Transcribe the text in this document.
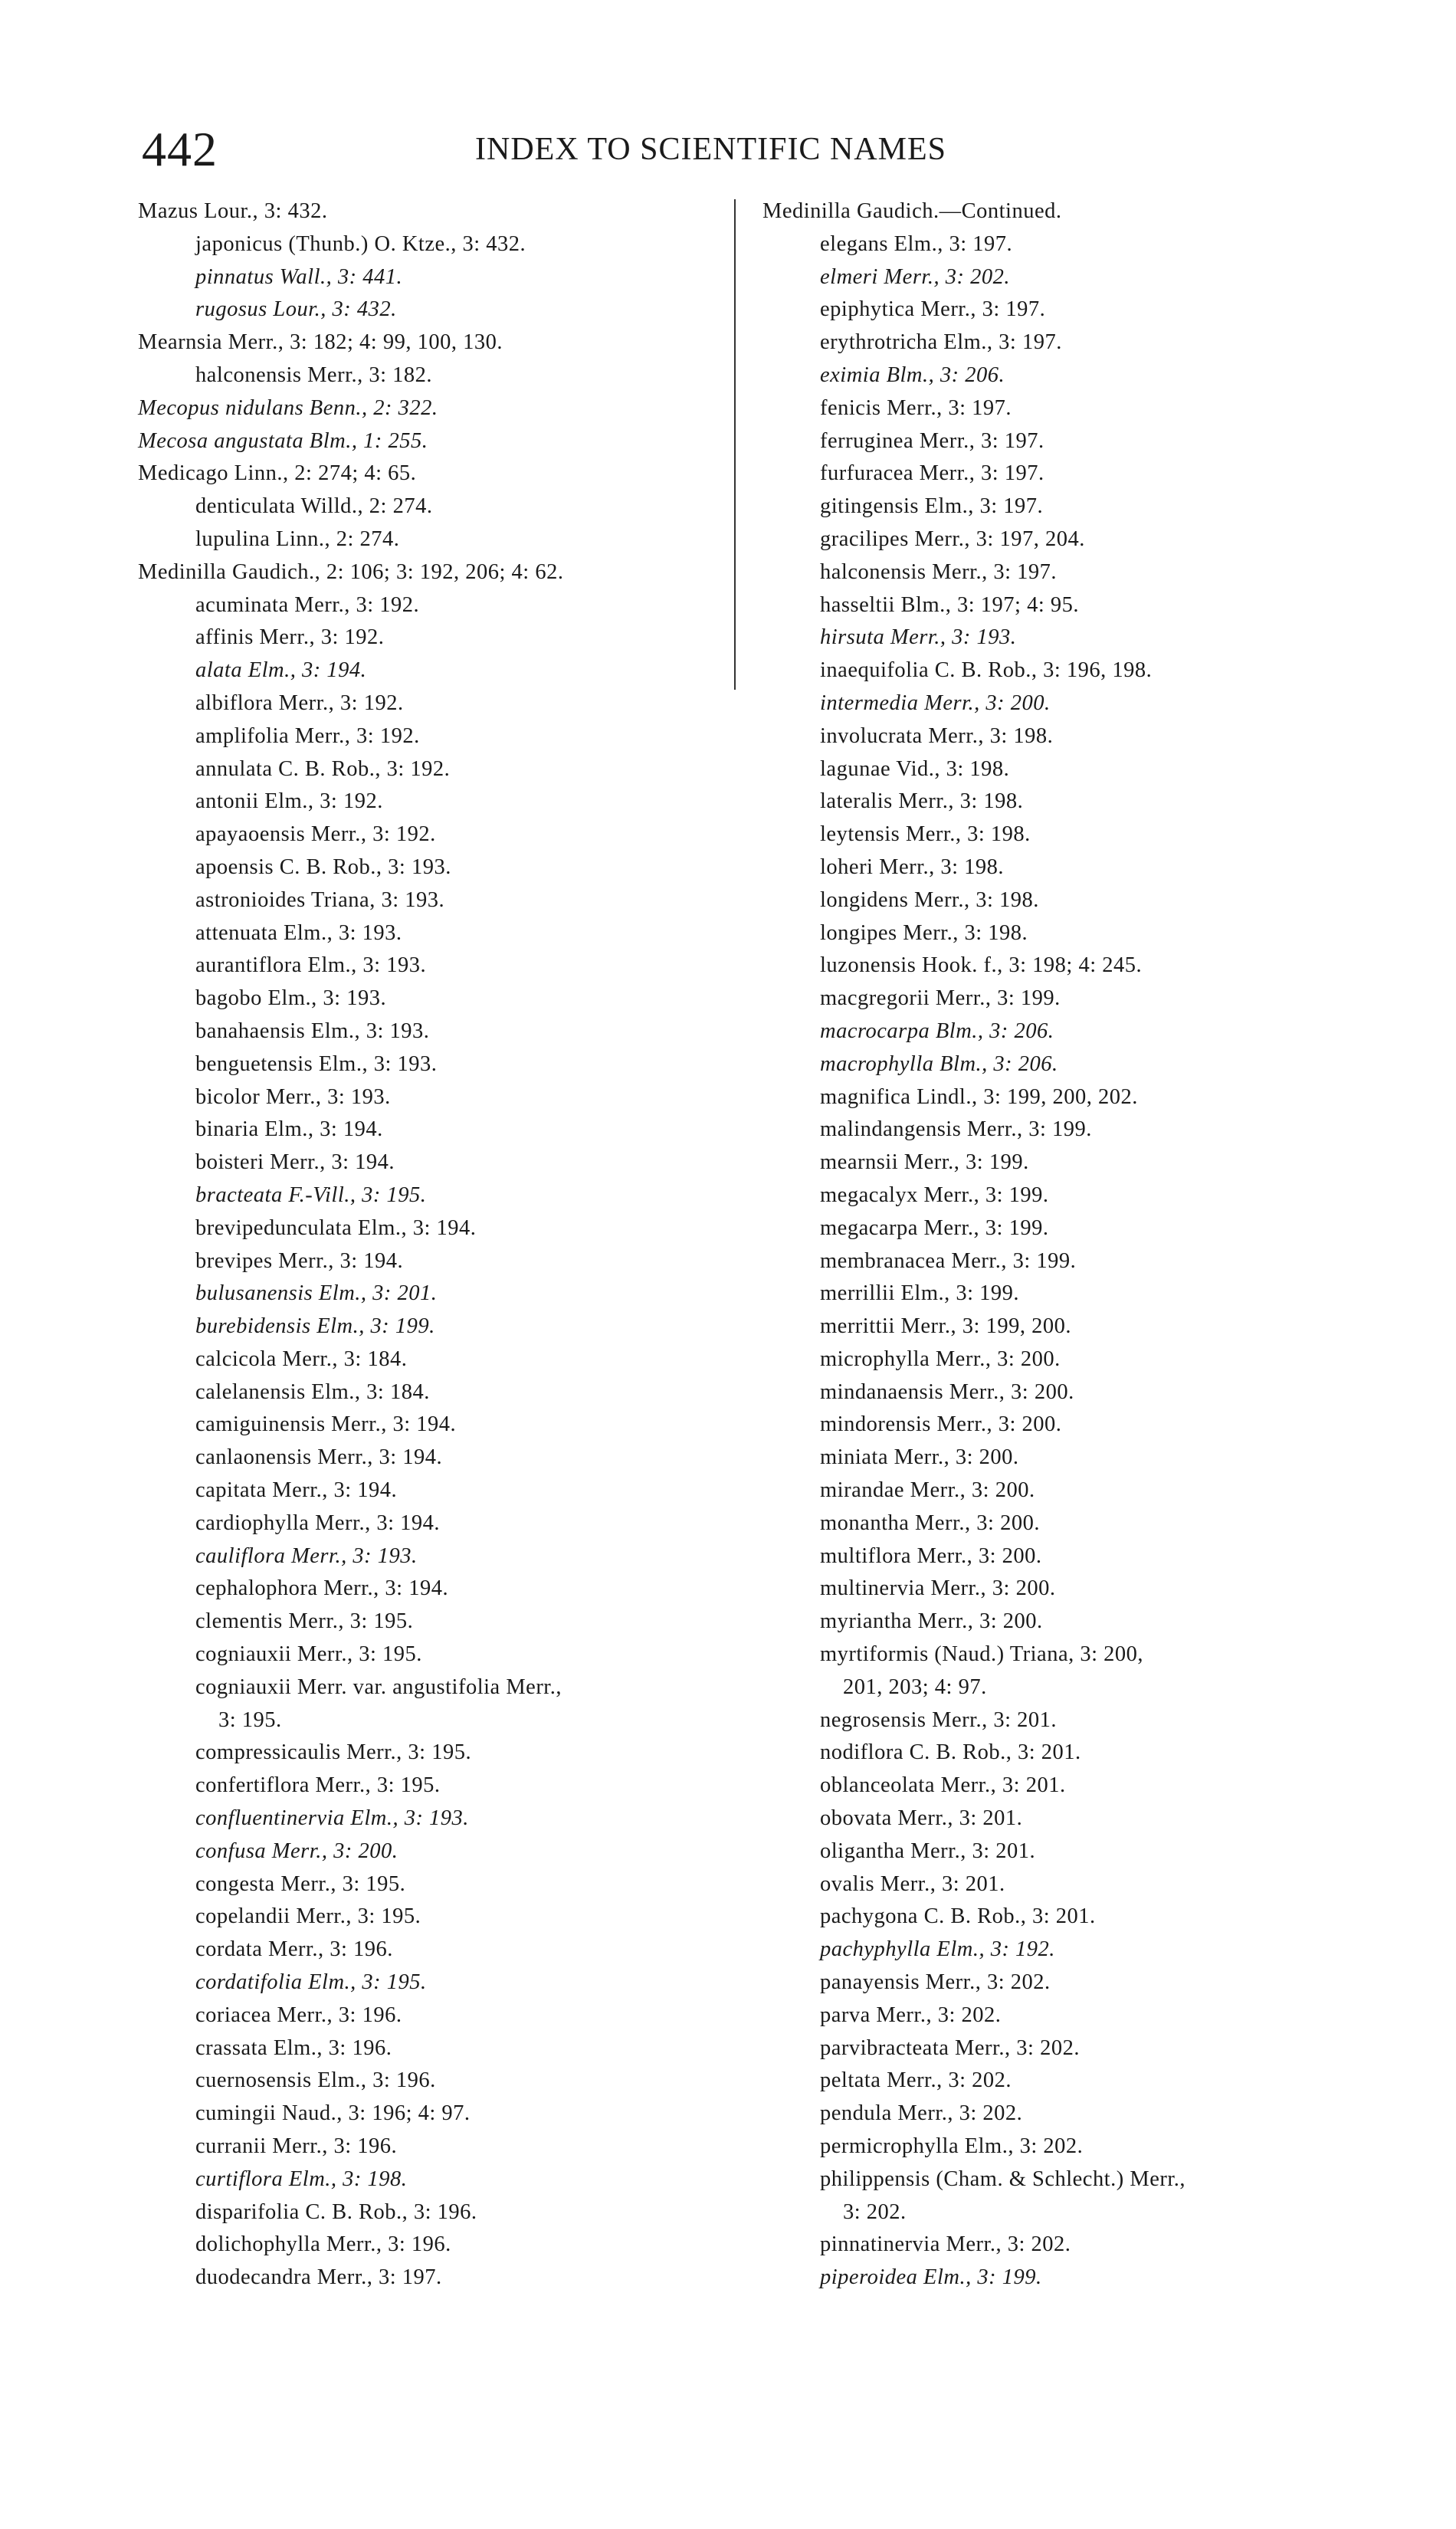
442	INDEX TO SCIENTIFIC NAMES
Mazus Lour., 3: 432.
japonicus (Thunb.) O. Ktze., 3: 432.
pinnatus Wall., 3: 441.
rugosus Lour., 3: 432.
Mearnsia Merr., 3: 182; 4: 99, 100, 130.
halconensis Merr., 3: 182.
Mecopus nidulans Benn., 2: 322.
Mecosa angustata Blm., 1: 255.
Medicago Linn., 2: 274; 4: 65.
denticulata Willd., 2: 274.
lupulina Linn., 2: 274.
Medinilla Gaudich., 2: 106; 3: 192, 206; 4: 62.
acuminata Merr., 3: 192.
affinis Merr., 3: 192.
alata Elm., 3: 194.
albiflora Merr., 3: 192.
amplifolia Merr., 3: 192.
annulata C. B. Rob., 3: 192.
antonii Elm., 3: 192.
apayaoensis Merr., 3: 192.
apoensis C. B. Rob., 3: 193.
astronioides Triana, 3: 193.
attenuata Elm., 3: 193.
aurantiflora Elm., 3: 193.
bagobo Elm., 3: 193.
banahaensis Elm., 3: 193.
benguetensis Elm., 3: 193.
bicolor Merr., 3: 193.
binaria Elm., 3: 194.
boisteri Merr., 3: 194.
bracteata F.-Vill., 3: 195.
brevipedunculata Elm., 3: 194.
brevipes Merr., 3: 194.
bulusanensis Elm., 3: 201.
burebidensis Elm., 3: 199.
calcicola Merr., 3: 184.
calelanensis Elm., 3: 184.
camiguinensis Merr., 3: 194.
canlaonensis Merr., 3: 194.
capitata Merr., 3: 194.
cardiophylla Merr., 3: 194.
cauliflora Merr., 3: 193.
cephalophora Merr., 3: 194.
clementis Merr., 3: 195.
cogniauxii Merr., 3: 195.
cogniauxii Merr. var. angustifolia Merr.,
3: 195.
compressicaulis Merr., 3: 195.
confertiflora Merr., 3: 195.
confluentinervia Elm., 3: 193.
confusa Merr., 3: 200.
congesta Merr., 3: 195.
copelandii Merr., 3: 195.
cordata Merr., 3: 196.
cordatifolia Elm., 3: 195.
coriacea Merr., 3: 196.
crassata Elm., 3: 196.
cuernosensis Elm., 3: 196.
cumingii Naud., 3: 196; 4: 97.
curranii Merr., 3: 196.
curtiflora Elm., 3: 198.
disparifolia C. B. Rob., 3: 196.
dolichophylla Merr., 3: 196.
duodecandra Merr., 3: 197.
Medinilla Gaudich.—Continued.
elegans Elm., 3: 197.
elmeri Merr., 3: 202.
epiphytica Merr., 3: 197.
erythrotricha Elm., 3: 197.
eximia Blm., 3: 206.
fenicis Merr., 3: 197.
ferruginea Merr., 3: 197.
furfuracea Merr., 3: 197.
gitingensis Elm., 3: 197.
gracilipes Merr., 3: 197, 204.
halconensis Merr., 3: 197.
hasseltii Blm., 3: 197; 4: 95.
hirsuta Merr., 3: 193.
inaequifolia C. B. Rob., 3: 196, 198.
intermedia Merr., 3: 200.
involucrata Merr., 3: 198.
lagunae Vid., 3: 198.
lateralis Merr., 3: 198.
leytensis Merr., 3: 198.
loheri Merr., 3: 198.
longidens Merr., 3: 198.
longipes Merr., 3: 198.
luzonensis Hook. f., 3: 198; 4: 245.
macgregorii Merr., 3: 199.
macrocarpa Blm., 3: 206.
macrophylla Blm., 3: 206.
magnifica Lindl., 3: 199, 200, 202.
malindangensis Merr., 3: 199.
mearnsii Merr., 3: 199.
megacalyx Merr., 3: 199.
megacarpa Merr., 3: 199.
membranacea Merr., 3: 199.
merrillii Elm., 3: 199.
merrittii Merr., 3: 199, 200.
microphylla Merr., 3: 200.
mindanaensis Merr., 3: 200.
mindorensis Merr., 3: 200.
miniata Merr., 3: 200.
mirandae Merr., 3: 200.
monantha Merr., 3: 200.
multiflora Merr., 3: 200.
multinervia Merr., 3: 200.
myriantha Merr., 3: 200.
myrtiformis (Naud.) Triana, 3: 200,
201, 203; 4: 97.
negrosensis Merr., 3: 201.
nodiflora C. B. Rob., 3: 201.
oblanceolata Merr., 3: 201.
obovata Merr., 3: 201.
oligantha Merr., 3: 201.
ovalis Merr., 3: 201.
pachygona C. B. Rob., 3: 201.
pachyphylla Elm., 3: 192.
panayensis Merr., 3: 202.
parva Merr., 3: 202.
parvibracteata Merr., 3: 202.
peltata Merr., 3: 202.
pendula Merr., 3: 202.
permicrophylla Elm., 3: 202.
philippensis (Cham. & Schlecht.) Merr.,
3: 202.
pinnatinervia Merr., 3: 202.
piperoidea Elm., 3: 199.
